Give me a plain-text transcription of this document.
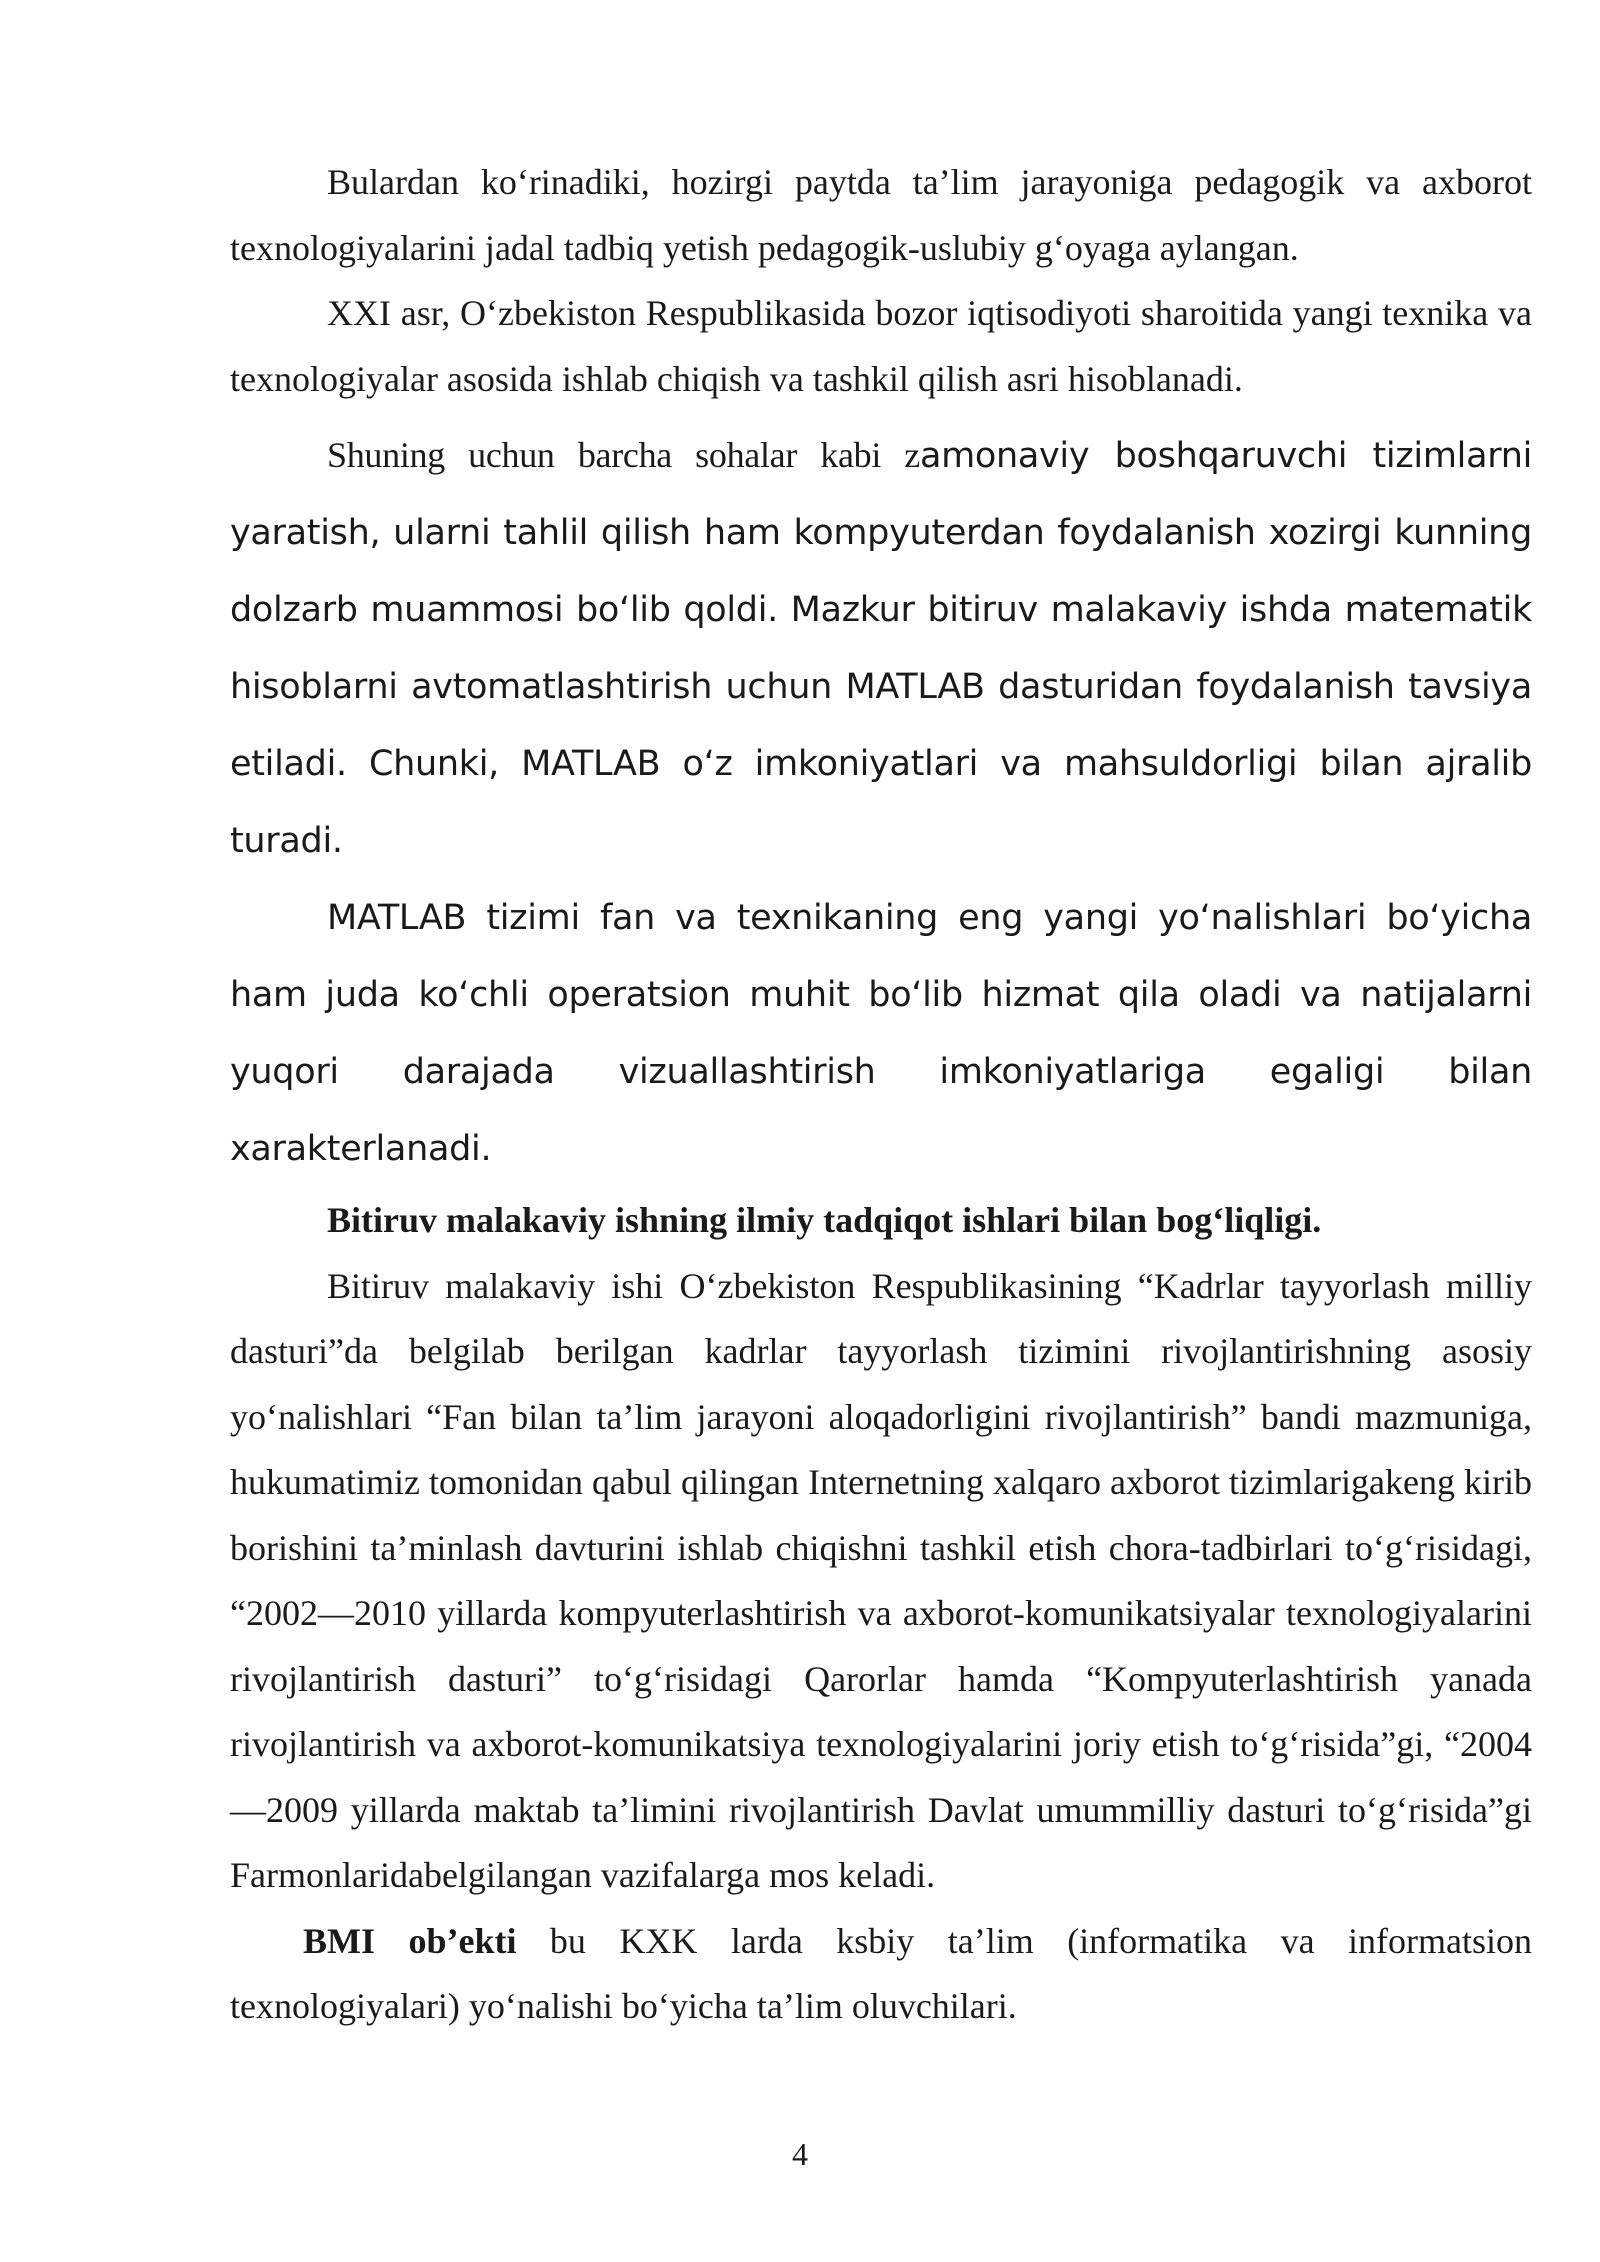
Bulardan ko‘rinadiki, hozirgi paytda ta’lim jarayoniga pedagogik va axborot texnologiyalarini jadal tadbiq yetish pedagogik-uslubiy g‘oyaga aylangan.

XXI asr, O‘zbekiston Respublikasida bozor iqtisodiyoti sharoitida yangi texnika va texnologiyalar asosida ishlab chiqish va tashkil qilish asri hisoblanadi.

Shuning uchun barcha sohalar kabi zamonaviy boshqaruvchi tizimlarni yaratish, ularni tahlil qilish ham kompyuterdan foydalanish xozirgi kunning dolzarb muammosi bo‘lib qoldi. Mazkur bitiruv malakaviy ishda matematik hisoblarni avtomatlashtirish uchun MATLAB dasturidan foydalanish tavsiya etiladi. Chunki, MATLAB o‘z imkoniyatlari va mahsuldorligi bilan ajralib turadi.

MATLAB tizimi fan va texnikaning eng yangi yo‘nalishlari bo‘yicha ham juda ko‘chli operatsion muhit bo‘lib hizmat qila oladi va natijalarni yuqori darajada vizuallashtirish imkoniyatlariga egaligi bilan xarakterlanadi.

Bitiruv malakaviy ishning ilmiy tadqiqot ishlari bilan bog‘liqligi.

Bitiruv malakaviy ishi O‘zbekiston Respublikasining “Kadrlar tayyorlash milliy dasturi”da belgilab berilgan kadrlar tayyorlash tizimini rivojlantirishning asosiy yo‘nalishlari “Fan bilan ta’lim jarayoni aloqadorligini rivojlantirish” bandi mazmuniga, hukumatimiz tomonidan qabul qilingan Internetning xalqaro axborot tizimlarigakeng kirib borishini ta’minlash davturini ishlab chiqishni tashkil etish chora-tadbirlari to‘g‘risidagi, “2002—2010 yillarda kompyuterlashtirish va axborot-komunikatsiyalar texnologiyalarini rivojlantirish dasturi” to‘g‘risidagi Qarorlar hamda “Kompyuterlashtirish yanada rivojlantirish va axborot-komunikatsiya texnologiyalarini joriy etish to‘g‘risida”gi, “2004—2009 yillarda maktab ta’limini rivojlantirish Davlat umummilliy dasturi to‘g‘risida”gi Farmonlaridabelgilangan vazifalarga mos keladi.

BMI ob’ekti bu KXK larda ksbiy ta’lim (informatika va informatsion texnologiyalari) yo‘nalishi bo‘yicha ta’lim oluvchilari.

4
